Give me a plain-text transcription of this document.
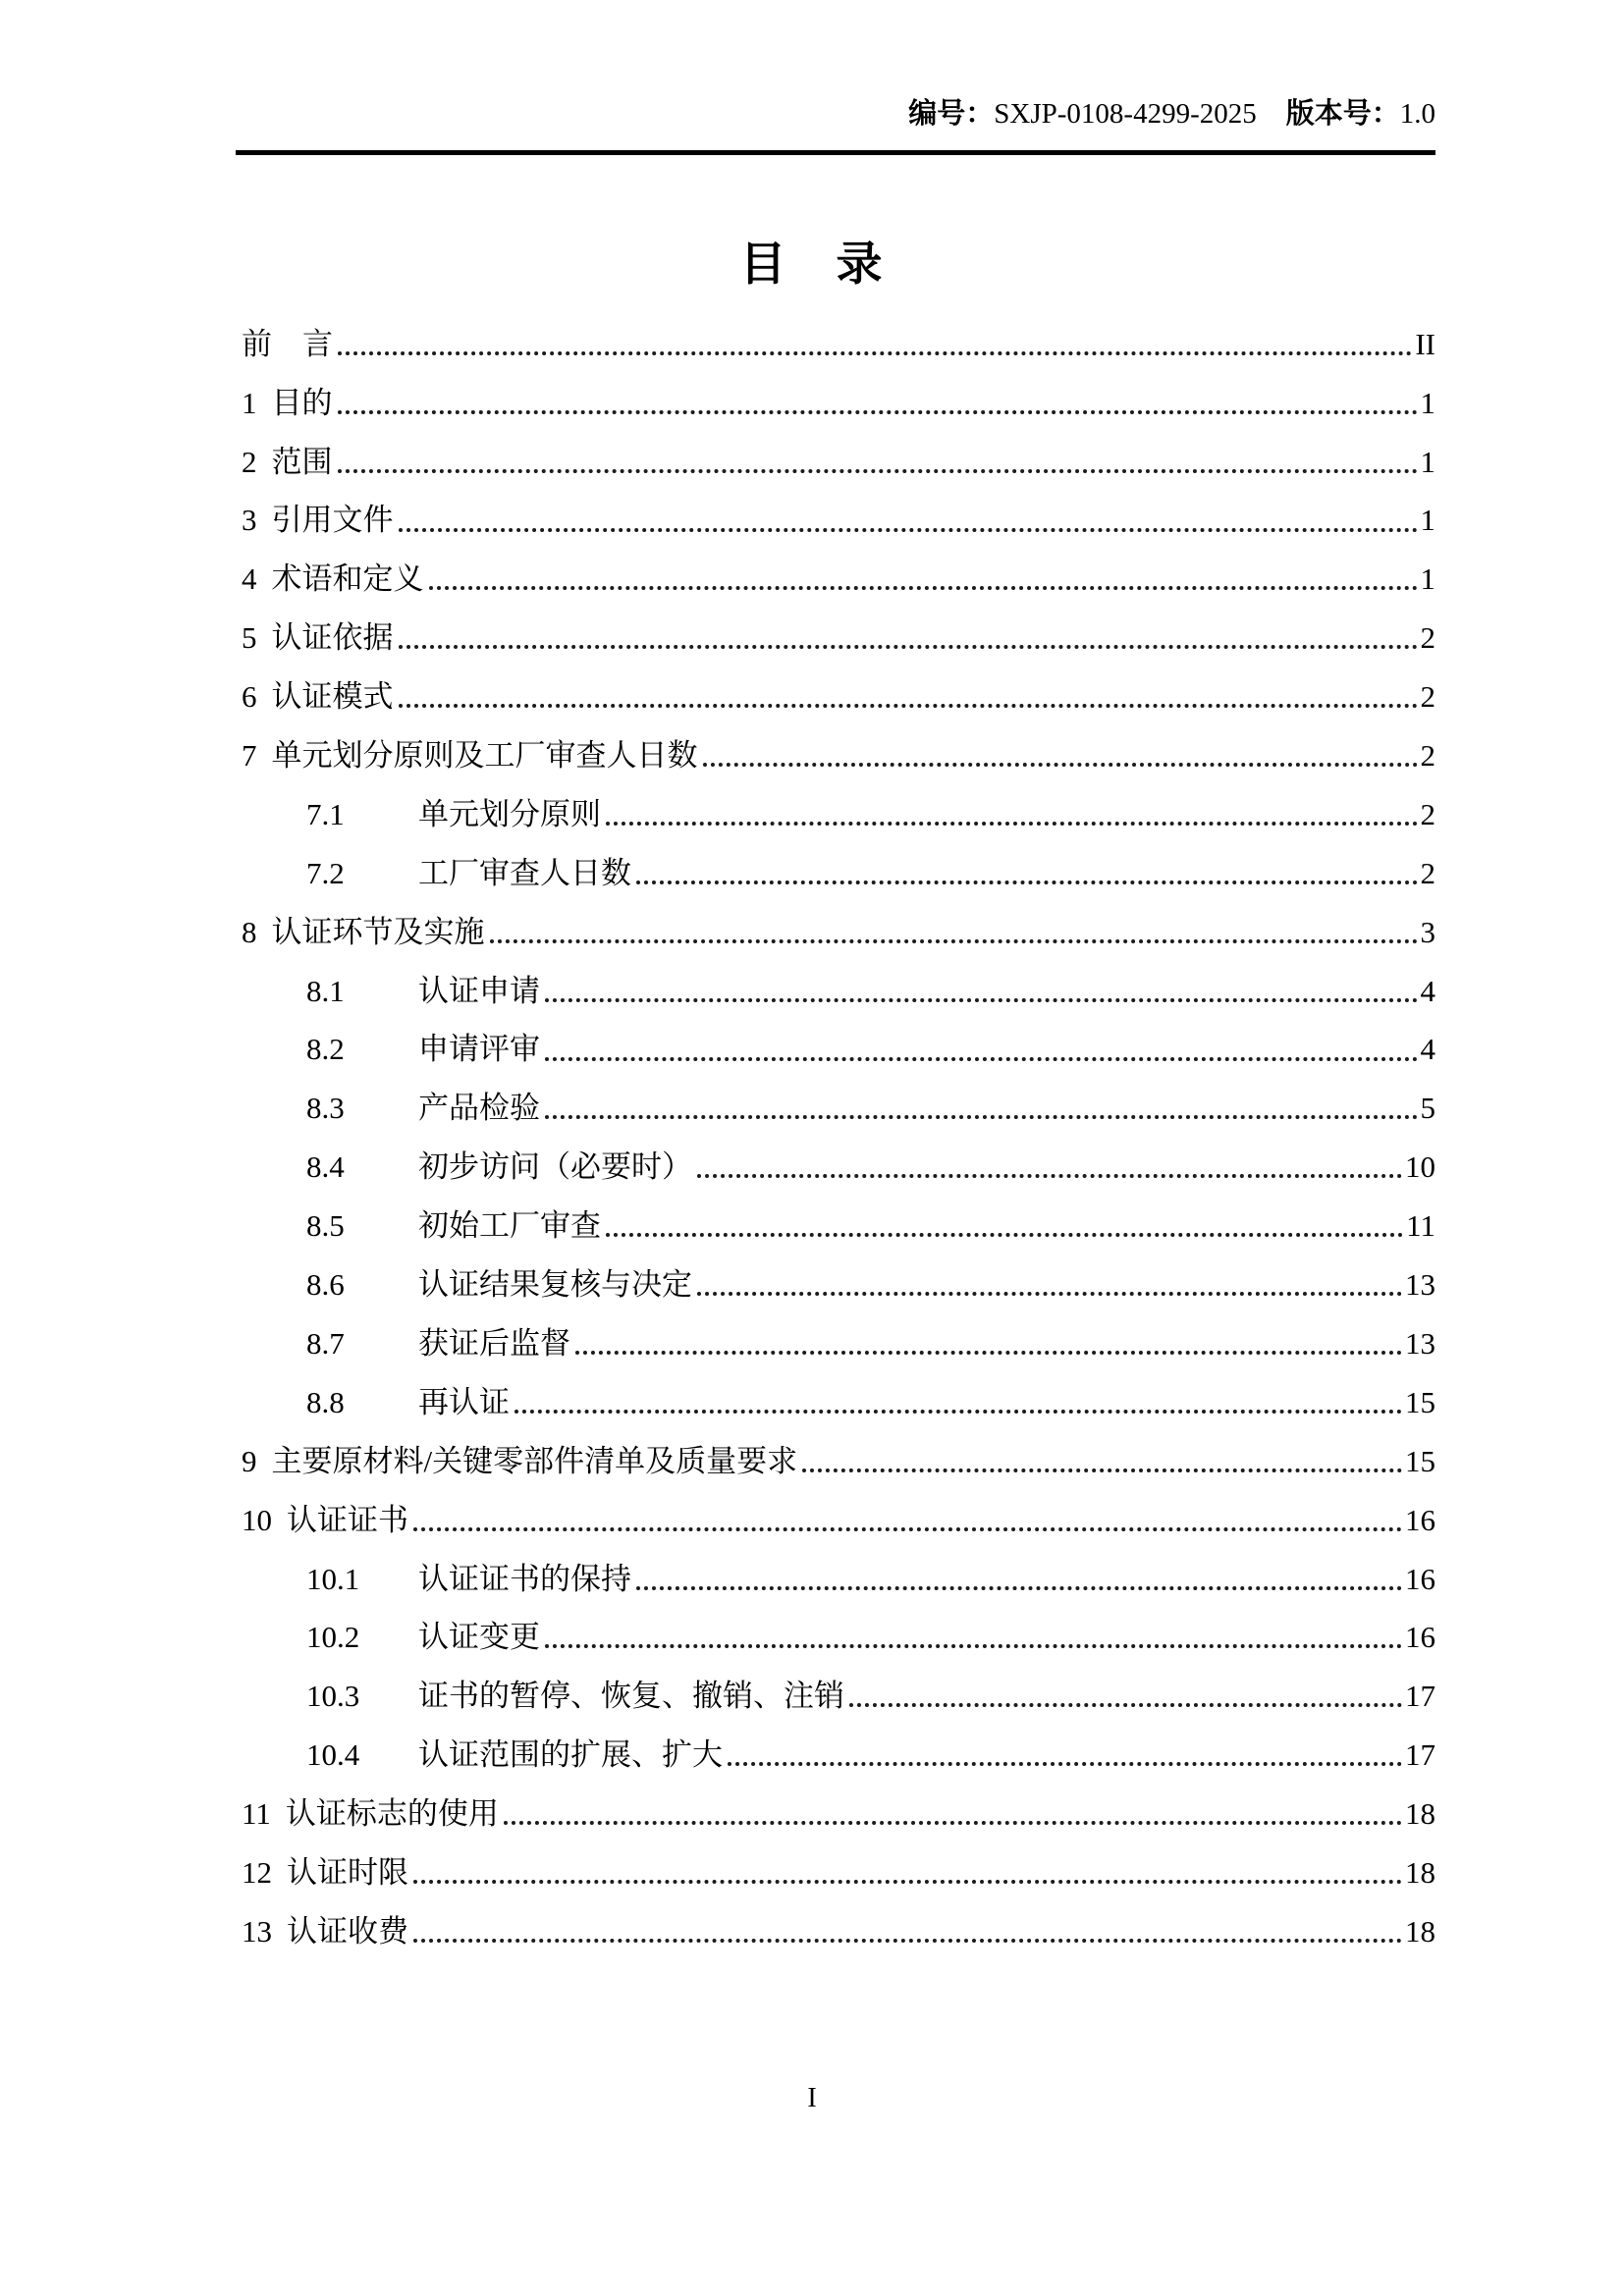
编号：SXJP-0108-4299-2025 版本号：1.0
目　录
前　言	II
1 目的	1
2 范围	1
3 引用文件	1
4 术语和定义	1
5 认证依据	2
6 认证模式	2
7 单元划分原则及工厂审查人日数	2
7.1	单元划分原则	2
7.2	工厂审查人日数	2
8 认证环节及实施	3
8.1	认证申请	4
8.2	申请评审	4
8.3	产品检验	5
8.4	初步访问（必要时）	10
8.5	初始工厂审查	11
8.6	认证结果复核与决定	13
8.7	获证后监督	13
8.8	再认证	15
9 主要原材料/关键零部件清单及质量要求	15
10 认证证书	16
10.1	认证证书的保持	16
10.2	认证变更	16
10.3	证书的暂停、恢复、撤销、注销	17
10.4	认证范围的扩展、扩大	17
11 认证标志的使用	18
12 认证时限	18
13 认证收费	18
I
